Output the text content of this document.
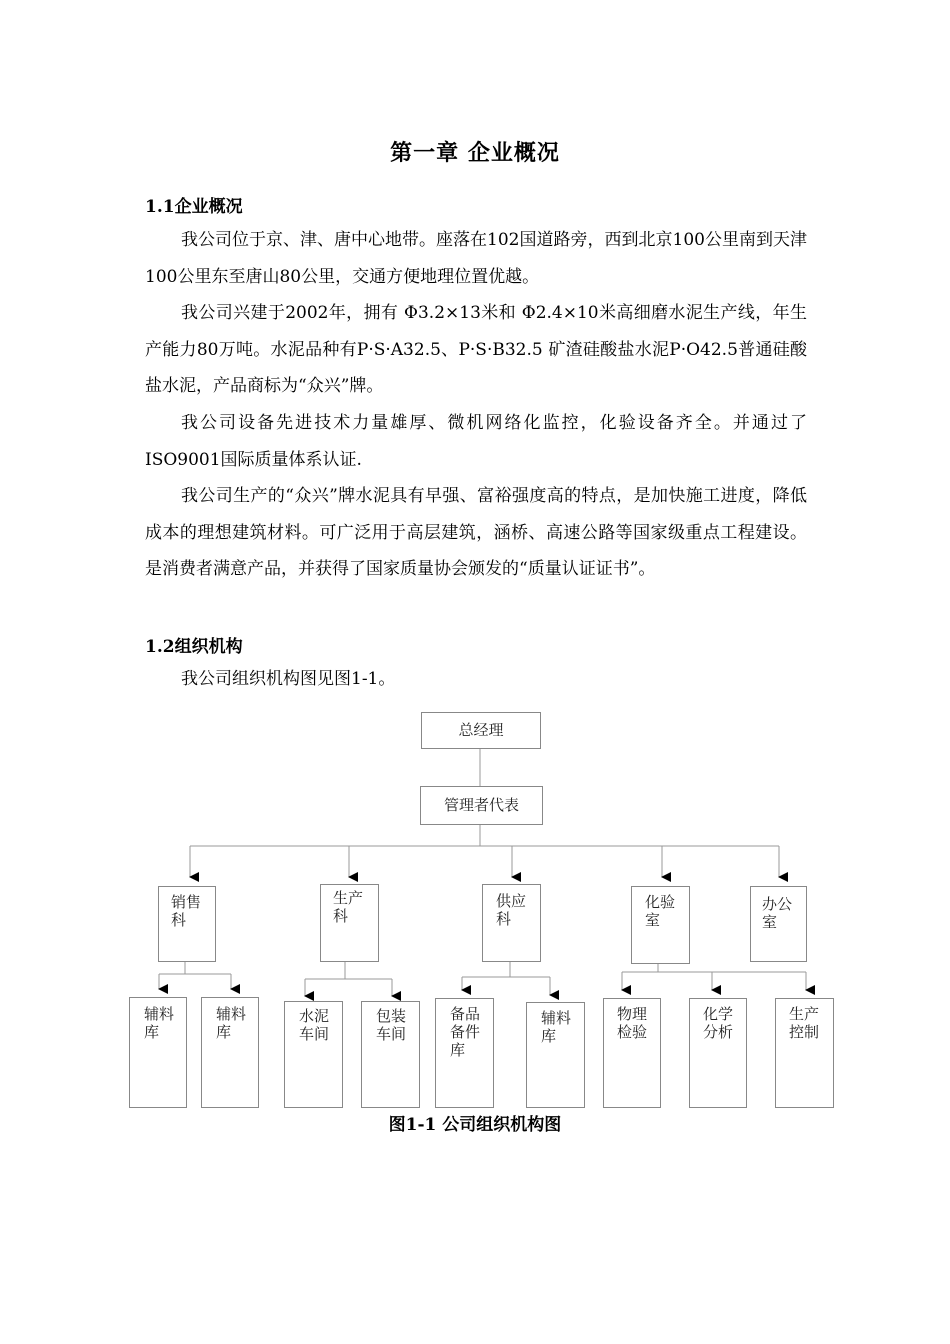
第一章 企业概况
1.1企业概况
我公司位于京、津、唐中心地带。座落在102国道路旁，西到北京100公里南到天津100公里东至唐山80公里，交通方便地理位置优越。
我公司兴建于2002年，拥有 Φ3.2×13米和 Φ2.4×10米高细磨水泥生产线，年生产能力80万吨。水泥品种有P·S·A32.5、P·S·B32.5 矿渣硅酸盐水泥P·O42.5普通硅酸盐水泥，产品商标为“众兴”牌。
我公司设备先进技术力量雄厚、微机网络化监控，化验设备齐全。并通过了ISO9001国际质量体系认证.
我公司生产的“众兴”牌水泥具有早强、富裕强度高的特点，是加快施工进度，降低成本的理想建筑材料。可广泛用于高层建筑，涵桥、高速公路等国家级重点工程建设。是消费者满意产品，并获得了国家质量协会颁发的“质量认证证书”。
1.2组织机构
我公司组织机构图见图1-1。
总经理
管理者代表
销售
科
生产
科
供应
科
化验
室
办公
室
辅料
库
辅料
库
水泥
车间
包装
车间
备品
备件
库
辅料
库
物理
检验
化学
分析
生产
控制
图1-1 公司组织机构图
